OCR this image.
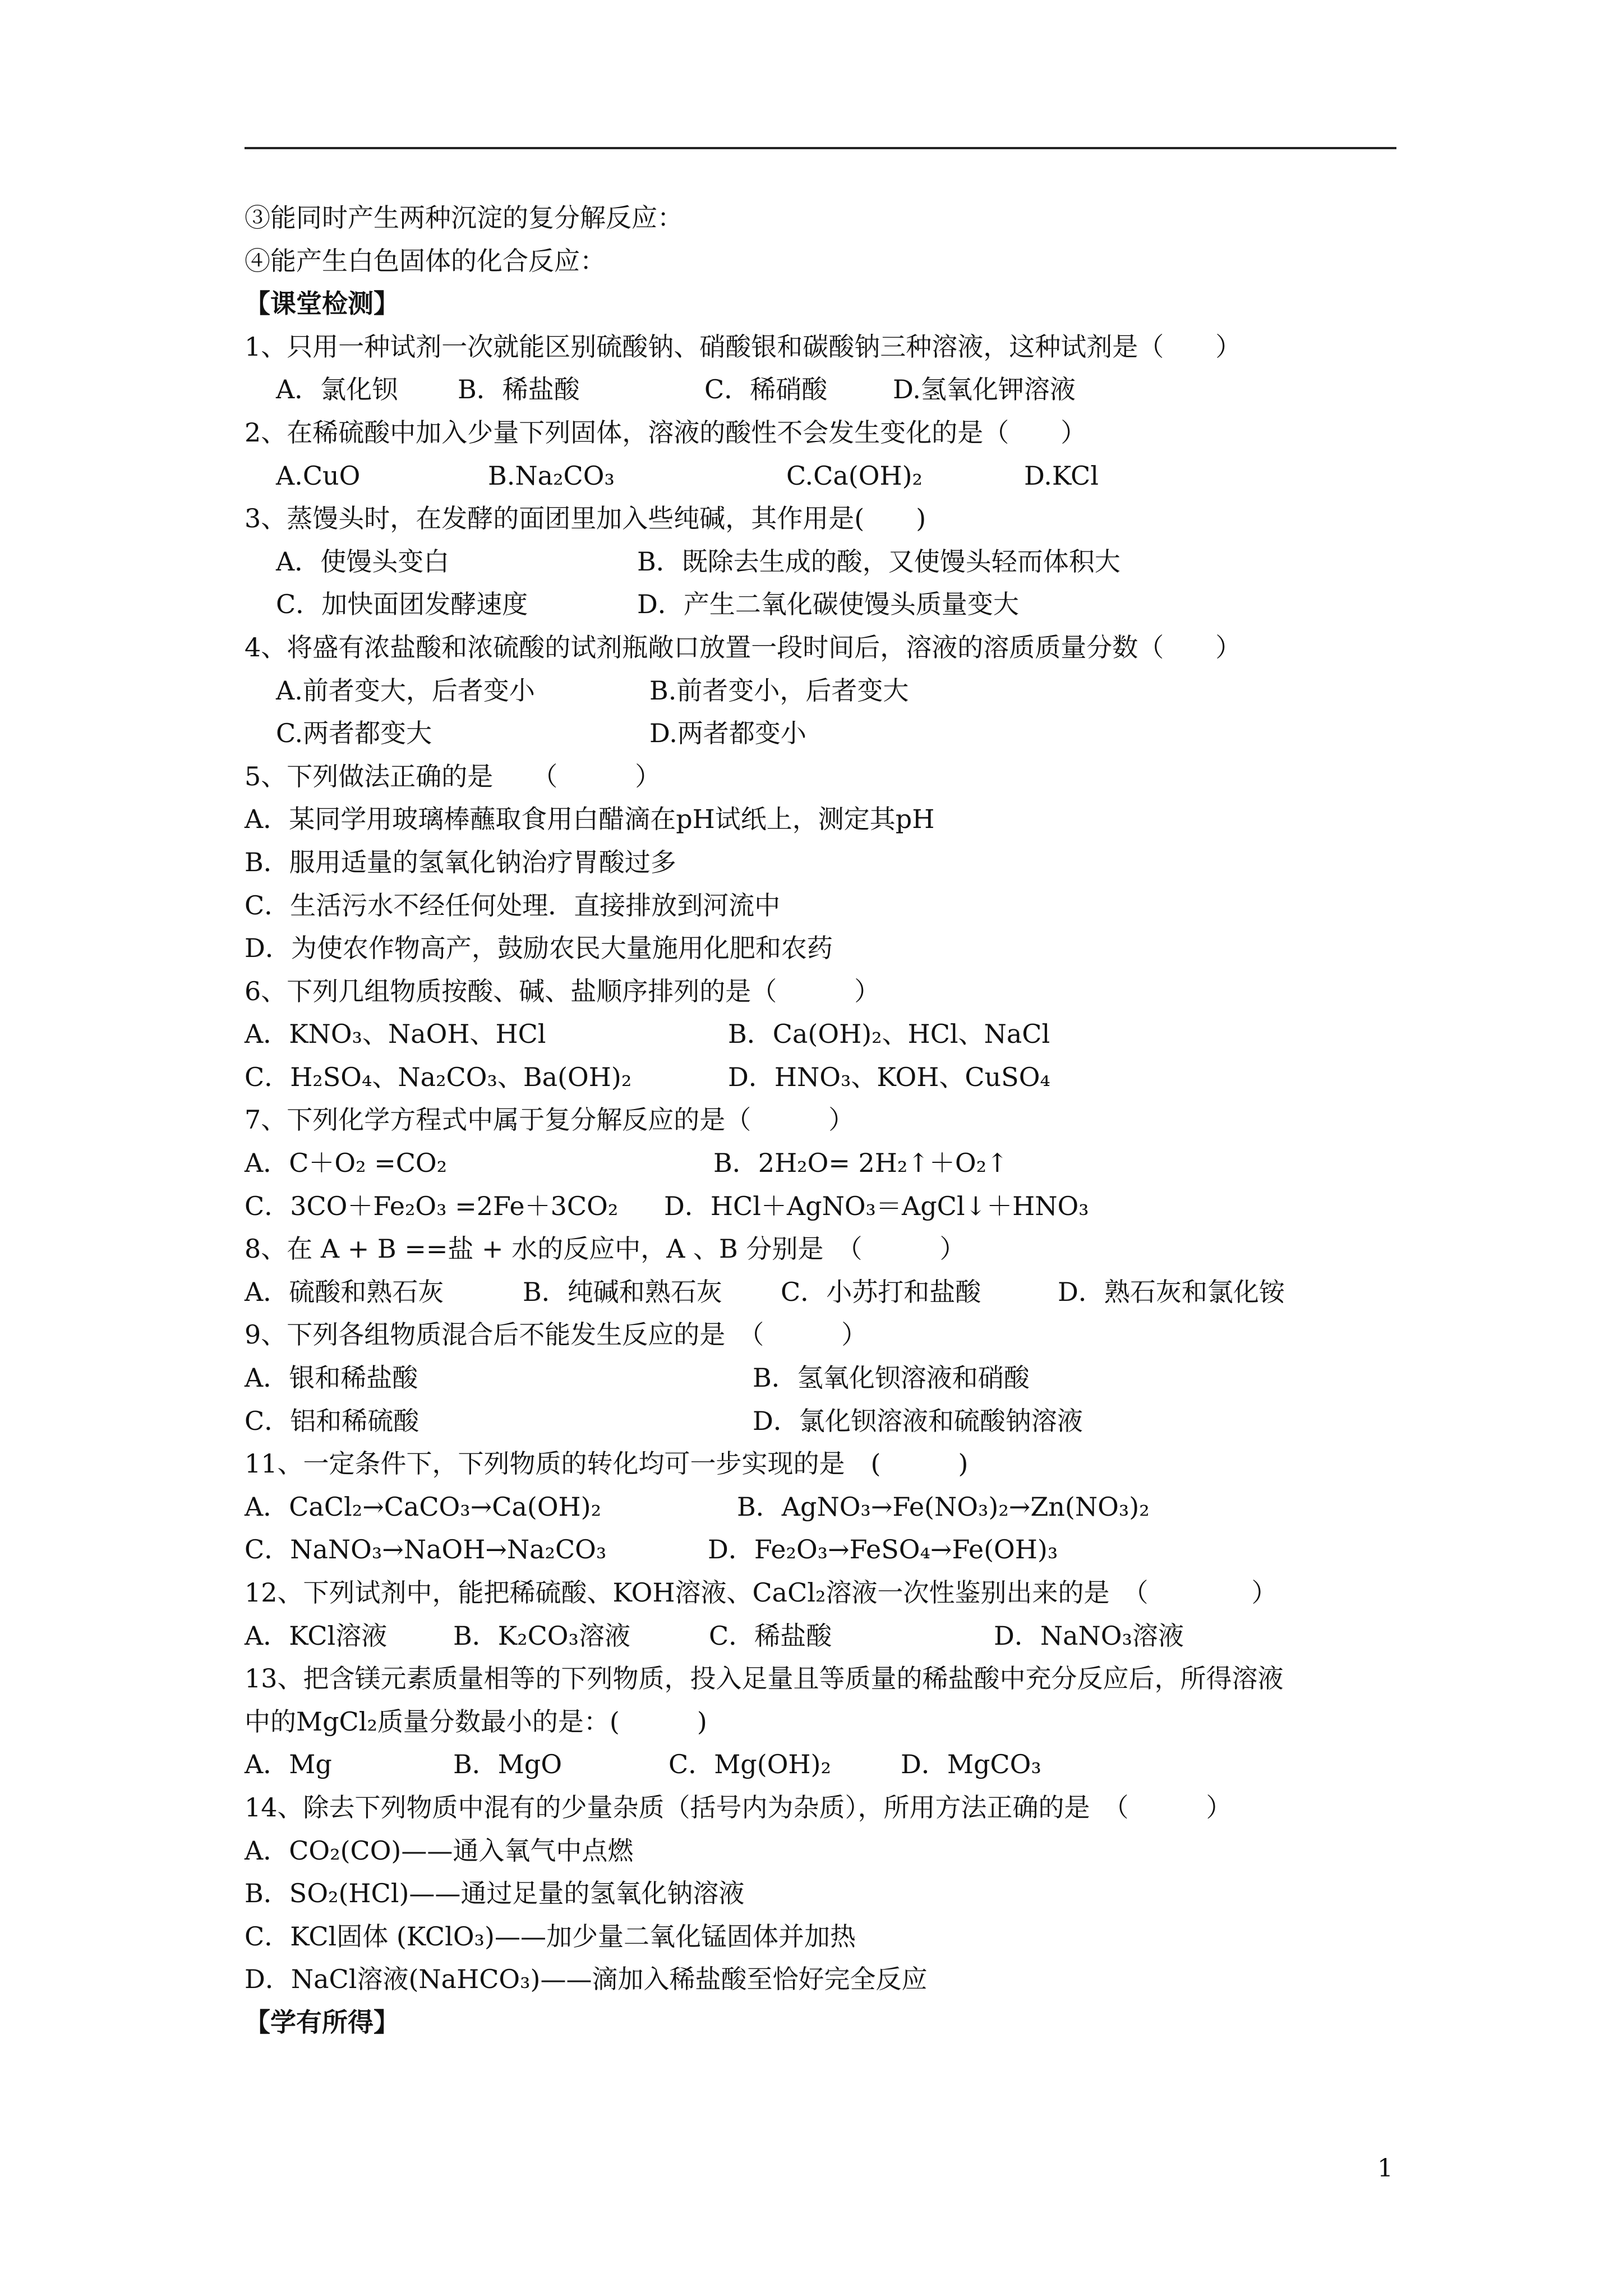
③能同时产生两种沉淀的复分解反应：
④能产生白色固体的化合反应：
【课堂检测】
1、只用一种试剂一次就能区别硫酸钠、硝酸银和碳酸钠三种溶液，这种试剂是（　　）
A．氯化钡 B．稀盐酸	C．稀硝酸	D.氢氧化钾溶液
2、在稀硫酸中加入少量下列固体，溶液的酸性不会发生变化的是（　　）
A.CuO	B.Na₂CO₃	C.Ca(OH)₂	D.KCl
3、蒸馒头时，在发酵的面团里加入些纯碱，其作用是(　　)
A．使馒头变白	B．既除去生成的酸，又使馒头轻而体积大
C．加快面团发酵速度	D．产生二氧化碳使馒头质量变大
4、将盛有浓盐酸和浓硫酸的试剂瓶敞口放置一段时间后，溶液的溶质质量分数（　　）
A.前者变大，后者变小	B.前者变小，后者变大
C.两者都变大	D.两者都变小
5、下列做法正确的是　　（　　　）
A．某同学用玻璃棒蘸取食用白醋滴在pH试纸上，测定其pH
B．服用适量的氢氧化钠治疗胃酸过多
C．生活污水不经任何处理．直接排放到河流中
D．为使农作物高产，鼓励农民大量施用化肥和农药
6、下列几组物质按酸、碱、盐顺序排列的是（　　　）
A．KNO₃、NaOH、HCl	B．Ca(OH)₂、HCl、NaCl
C．H₂SO₄、Na₂CO₃、Ba(OH)₂	D．HNO₃、KOH、CuSO₄
7、下列化学方程式中属于复分解反应的是（　　　）
A．C＋O₂ =CO₂	B．2H₂O= 2H₂↑＋O₂↑
C．3CO＋Fe₂O₃ =2Fe＋3CO₂ D．HCl＋AgNO₃＝AgCl↓＋HNO₃
8、在 A + B ==盐 + 水的反应中，A 、B 分别是　（　　　）
A．硫酸和熟石灰	B．纯碱和熟石灰 C．小苏打和盐酸	D．熟石灰和氯化铵
9、下列各组物质混合后不能发生反应的是　（　　　）
A．银和稀盐酸	B．氢氧化钡溶液和硝酸
C．铝和稀硫酸	D．氯化钡溶液和硫酸钠溶液
11、一定条件下，下列物质的转化均可一步实现的是　(　　　)
A．CaCl₂→CaCO₃→Ca(OH)₂	B．AgNO₃→Fe(NO₃)₂→Zn(NO₃)₂
C．NaNO₃→NaOH→Na₂CO₃	D．Fe₂O₃→FeSO₄→Fe(OH)₃
12、下列试剂中，能把稀硫酸、KOH溶液、CaCl₂溶液一次性鉴别出来的是　（　　　　）
A．KCl溶液	B．K₂CO₃溶液	C．稀盐酸	D．NaNO₃溶液
13、把含镁元素质量相等的下列物质，投入足量且等质量的稀盐酸中充分反应后，所得溶液
中的MgCl₂质量分数最小的是：(　　　)
A．Mg	B．MgO	C．Mg(OH)₂	D．MgCO₃
14、除去下列物质中混有的少量杂质（括号内为杂质），所用方法正确的是　（　　　）
A．CO₂(CO)——通入氧气中点燃
B．SO₂(HCl)——通过足量的氢氧化钠溶液
C．KCl固体 (KClO₃)——加少量二氧化锰固体并加热
D．NaCl溶液(NaHCO₃)——滴加入稀盐酸至恰好完全反应
【学有所得】
1
